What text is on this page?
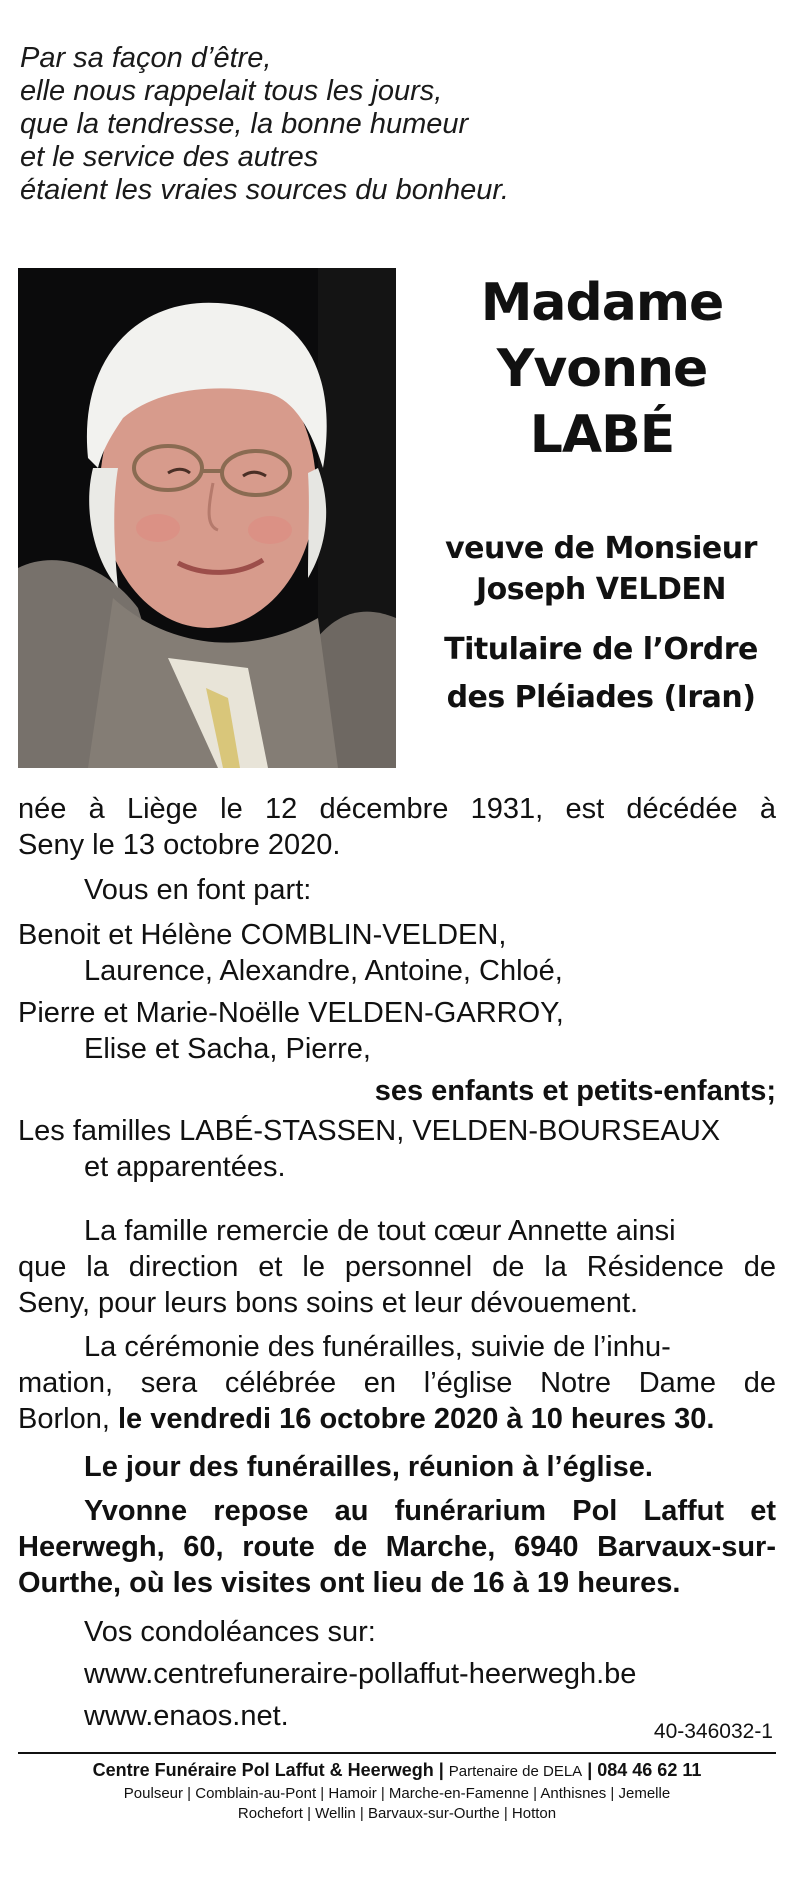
Par sa façon d’être,
elle nous rappelait tous les jours,
que la tendresse, la bonne humeur
et le service des autres
étaient les vraies sources du bonheur.
Madame
Yvonne
LABÉ
veuve de Monsieur
Joseph VELDEN
Titulaire de l’Ordre
des Pléiades (Iran)
née à Liège le 12 décembre 1931, est décédée à
Seny le 13 octobre 2020.
Vous en font part:
Benoit et Hélène COMBLIN-VELDEN,
Laurence, Alexandre, Antoine, Chloé,
Pierre et Marie-Noëlle VELDEN-GARROY,
Elise et Sacha, Pierre,
ses enfants et petits-enfants;
Les familles LABÉ-STASSEN, VELDEN-BOURSEAUX
et apparentées.
La famille remercie de tout cœur Annette ainsi
que la direction et le personnel de la Résidence de
Seny, pour leurs bons soins et leur dévouement.
La cérémonie des funérailles, suivie de l’inhu-
mation, sera célébrée en l’église Notre Dame de
Borlon, le vendredi 16 octobre 2020 à 10 heures 30.
Le jour des funérailles, réunion à l’église.
Yvonne repose au funérarium Pol Laffut et
Heerwegh, 60, route de Marche, 6940 Barvaux-sur-
Ourthe, où les visites ont lieu de 16 à 19 heures.
Vos condoléances sur:
www.centrefuneraire-pollaffut-heerwegh.be
www.enaos.net.	40-346032-1
Centre Funéraire Pol Laffut & Heerwegh | Partenaire de DELA | 084 46 62 11
Poulseur | Comblain-au-Pont | Hamoir | Marche-en-Famenne | Anthisnes | Jemelle
Rochefort | Wellin | Barvaux-sur-Ourthe | Hotton
